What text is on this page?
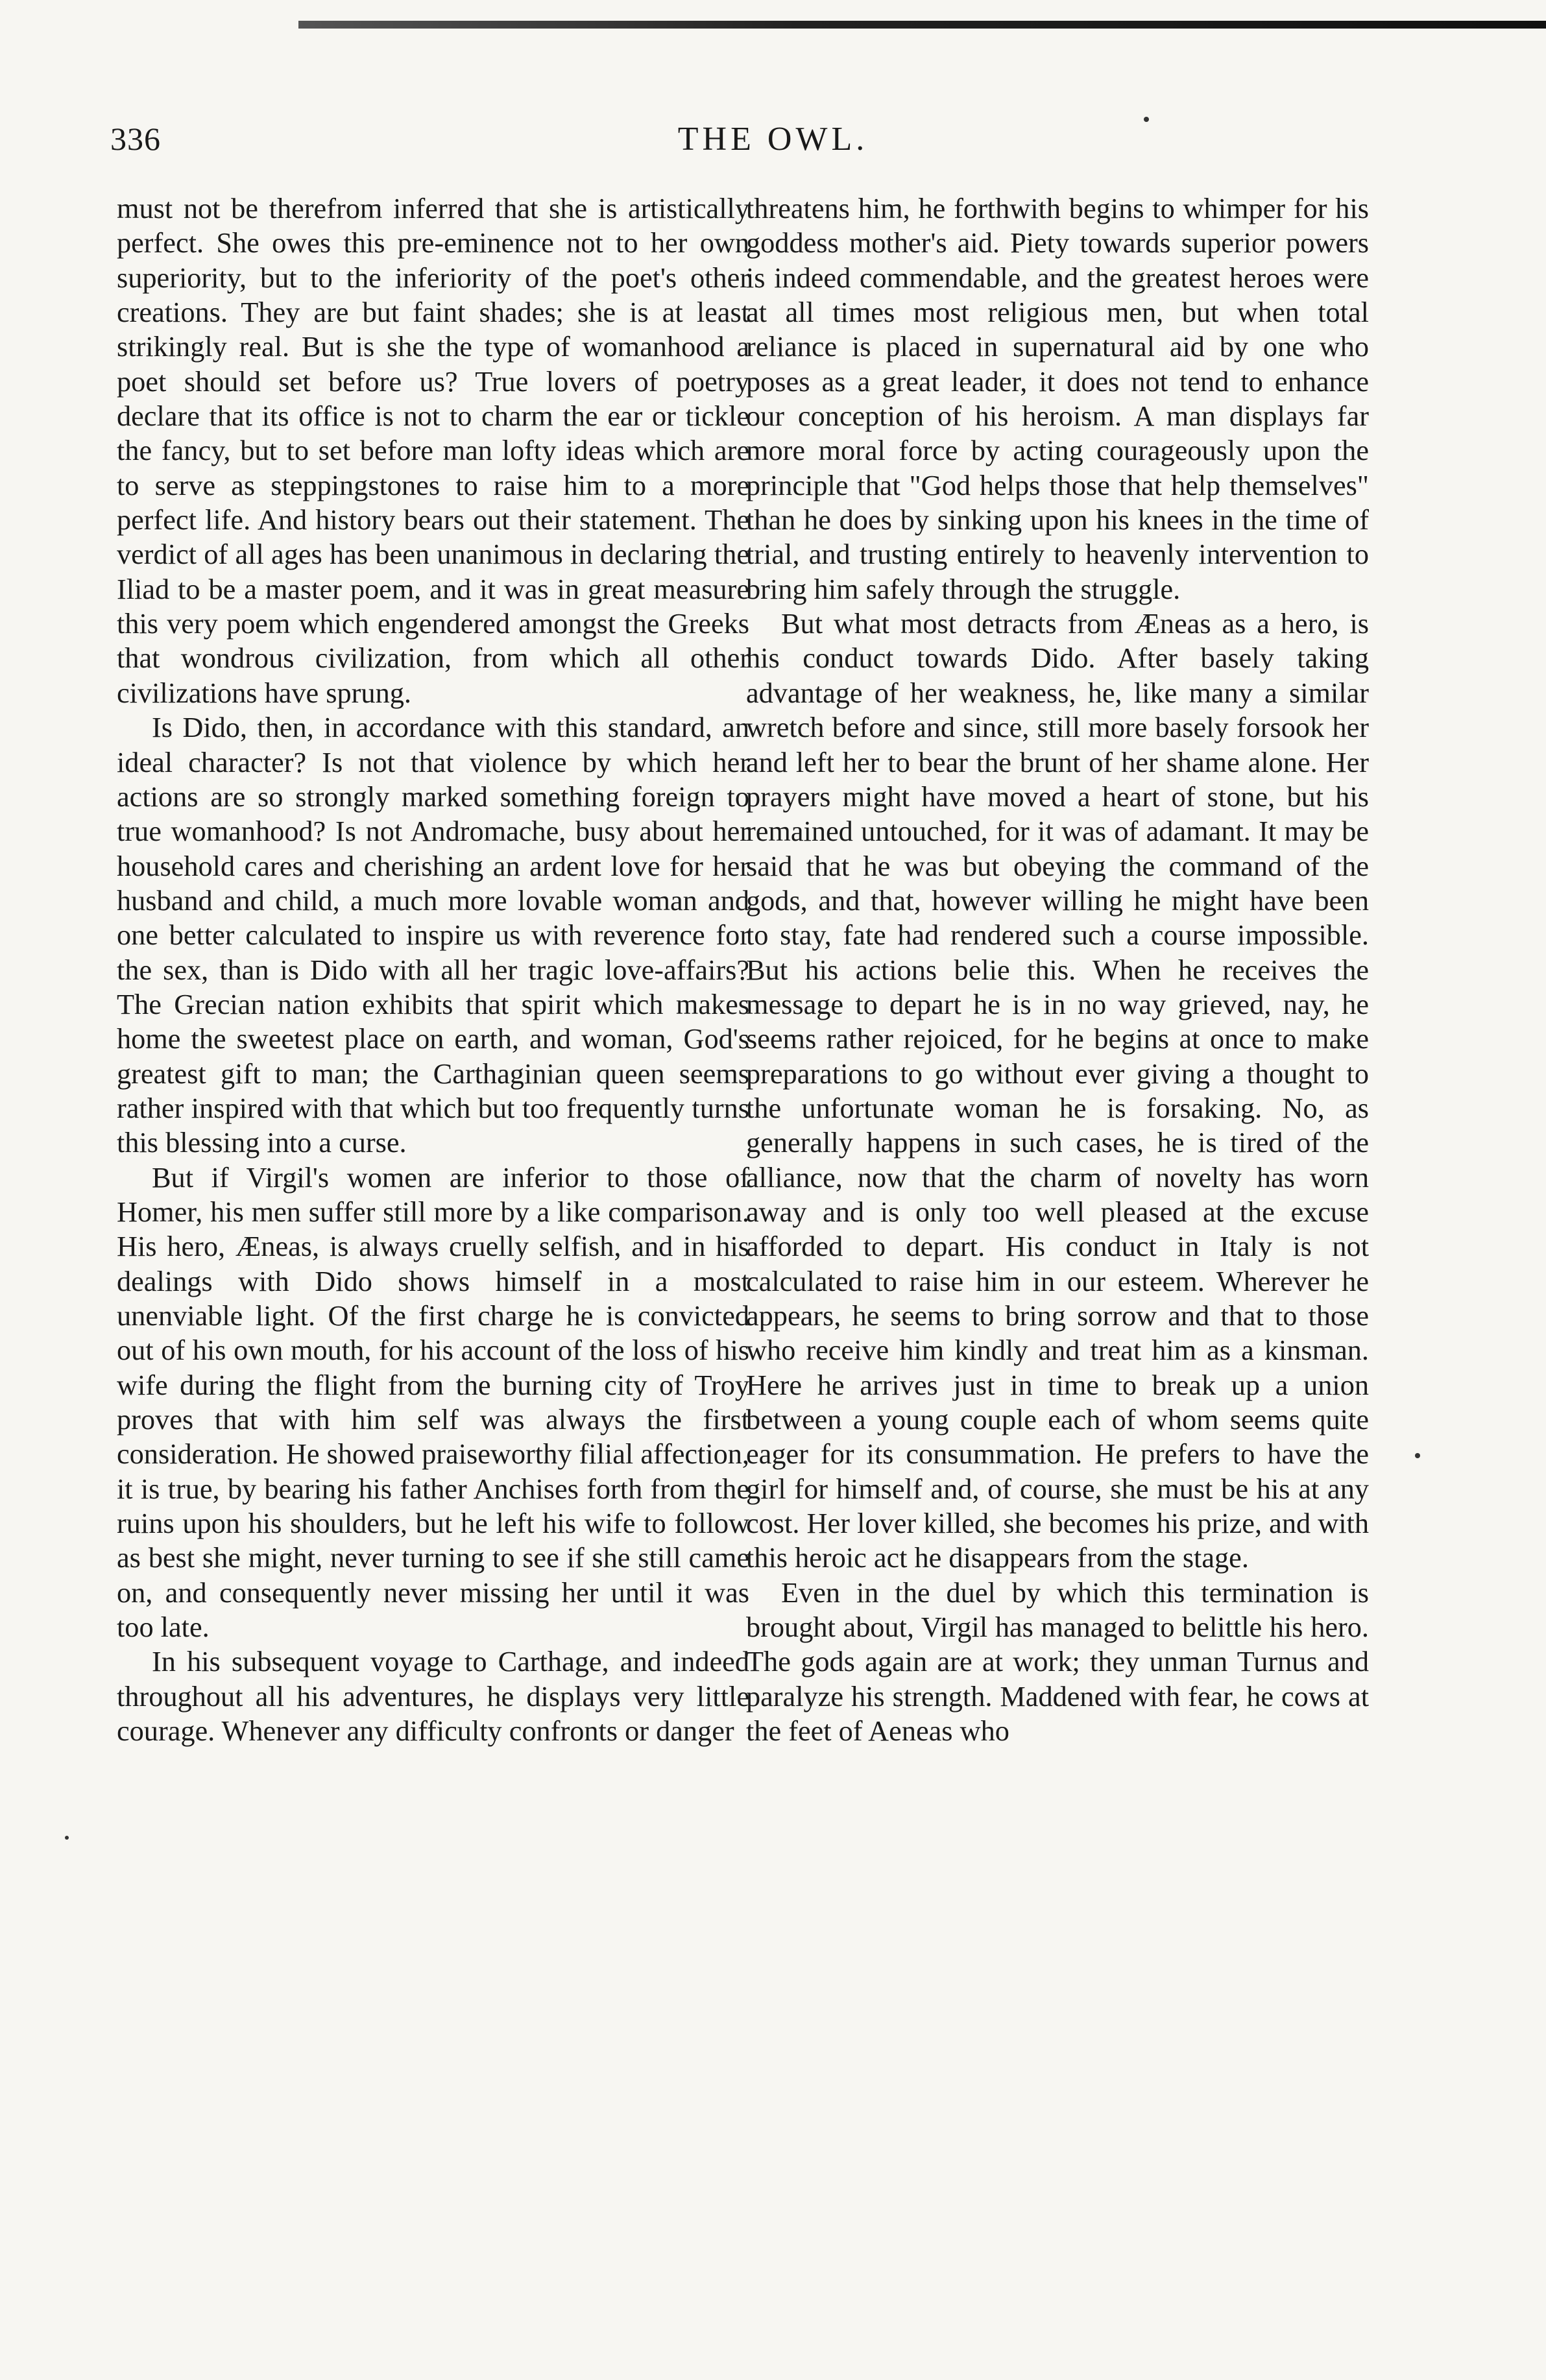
336	THE OWL.

must not be therefrom inferred that she is artistically perfect. She owes this pre-eminence not to her own superiority, but to the inferiority of the poet's other creations. They are but faint shades; she is at least strikingly real. But is she the type of womanhood a poet should set before us? True lovers of poetry declare that its office is not to charm the ear or tickle the fancy, but to set before man lofty ideas which are to serve as steppingstones to raise him to a more perfect life. And history bears out their statement. The verdict of all ages has been unanimous in declaring the Iliad to be a master poem, and it was in great measure this very poem which engendered amongst the Greeks that wondrous civilization, from which all other civilizations have sprung.

Is Dido, then, in accordance with this standard, an ideal character? Is not that violence by which her actions are so strongly marked something foreign to true womanhood? Is not Andromache, busy about her household cares and cherishing an ardent love for her husband and child, a much more lovable woman and one better calculated to inspire us with reverence for the sex, than is Dido with all her tragic love-affairs? The Grecian nation exhibits that spirit which makes home the sweetest place on earth, and woman, God's greatest gift to man; the Carthaginian queen seems rather inspired with that which but too frequently turns this blessing into a curse.

But if Virgil's women are inferior to those of Homer, his men suffer still more by a like comparison. His hero, Æneas, is always cruelly selfish, and in his dealings with Dido shows himself in a most unenviable light. Of the first charge he is convicted out of his own mouth, for his account of the loss of his wife during the flight from the burning city of Troy proves that with him self was always the first consideration. He showed praiseworthy filial affection, it is true, by bearing his father Anchises forth from the ruins upon his shoulders, but he left his wife to follow as best she might, never turning to see if she still came on, and consequently never missing her until it was too late.

In his subsequent voyage to Carthage, and indeed throughout all his adventures, he displays very little courage. Whenever any difficulty confronts or danger

threatens him, he forthwith begins to whimper for his goddess mother's aid. Piety towards superior powers is indeed commendable, and the greatest heroes were at all times most religious men, but when total reliance is placed in supernatural aid by one who poses as a great leader, it does not tend to enhance our conception of his heroism. A man displays far more moral force by acting courageously upon the principle that "God helps those that help themselves" than he does by sinking upon his knees in the time of trial, and trusting entirely to heavenly intervention to bring him safely through the struggle.

But what most detracts from Æneas as a hero, is his conduct towards Dido. After basely taking advantage of her weakness, he, like many a similar wretch before and since, still more basely forsook her and left her to bear the brunt of her shame alone. Her prayers might have moved a heart of stone, but his remained untouched, for it was of adamant. It may be said that he was but obeying the command of the gods, and that, however willing he might have been to stay, fate had rendered such a course impossible. But his actions belie this. When he receives the message to depart he is in no way grieved, nay, he seems rather rejoiced, for he begins at once to make preparations to go without ever giving a thought to the unfortunate woman he is forsaking. No, as generally happens in such cases, he is tired of the alliance, now that the charm of novelty has worn away and is only too well pleased at the excuse afforded to depart. His conduct in Italy is not calculated to raise him in our esteem. Wherever he appears, he seems to bring sorrow and that to those who receive him kindly and treat him as a kinsman. Here he arrives just in time to break up a union between a young couple each of whom seems quite eager for its consummation. He prefers to have the girl for himself and, of course, she must be his at any cost. Her lover killed, she becomes his prize, and with this heroic act he disappears from the stage.

Even in the duel by which this termination is brought about, Virgil has managed to belittle his hero. The gods again are at work; they unman Turnus and paralyze his strength. Maddened with fear, he cows at the feet of Aeneas who
